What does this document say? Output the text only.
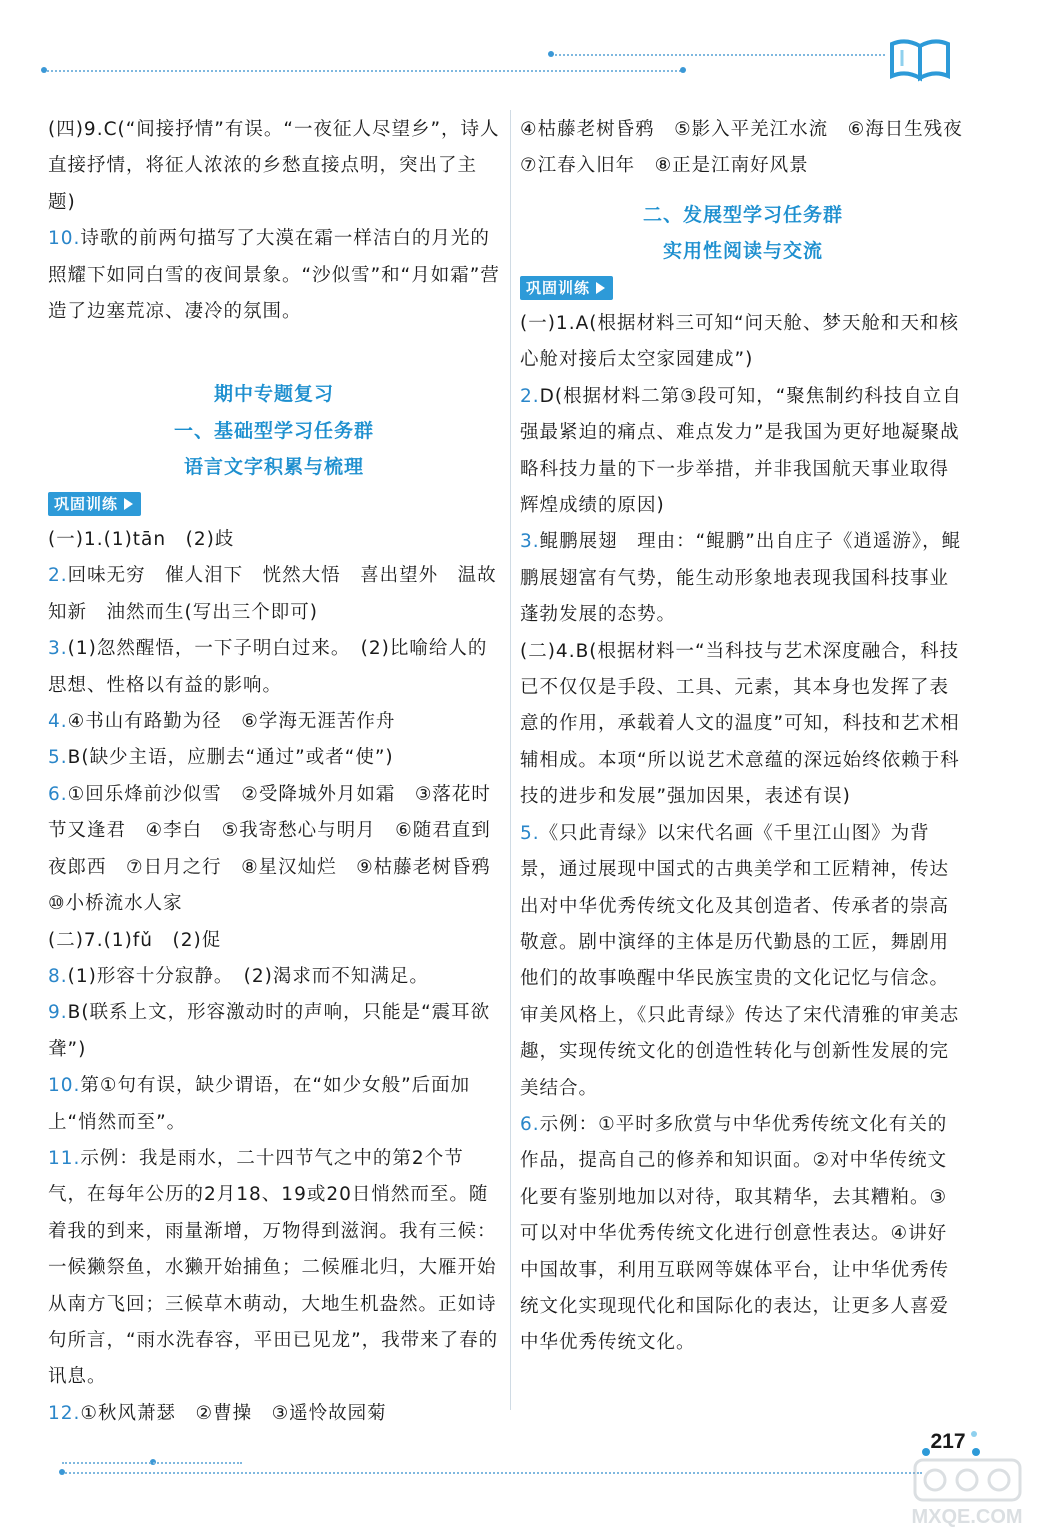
(四)9.C(“间接抒情”有误。“一夜征人尽望乡”，诗人直接抒情，将征人浓浓的乡愁直接点明，突出了主题)

10.诗歌的前两句描写了大漠在霜一样洁白的月光的照耀下如同白雪的夜间景象。“沙似雪”和“月如霜”营造了边塞荒凉、凄冷的氛围。

期中专题复习
一、基础型学习任务群
语言文字积累与梳理
巩固训练

(一)1.(1)tān　(2)歧

2.回味无穷　催人泪下　恍然大悟　喜出望外　温故知新　油然而生(写出三个即可)

3.(1)忽然醒悟，一下子明白过来。　(2)比喻给人的思想、性格以有益的影响。

4.④书山有路勤为径　⑥学海无涯苦作舟

5.B(缺少主语，应删去“通过”或者“使”)

6.①回乐烽前沙似雪　②受降城外月如霜　③落花时节又逢君　④李白　⑤我寄愁心与明月　⑥随君直到夜郎西　⑦日月之行　⑧星汉灿烂　⑨枯藤老树昏鸦　⑩小桥流水人家

(二)7.(1)fǔ　(2)促

8.(1)形容十分寂静。　(2)渴求而不知满足。

9.B(联系上文，形容激动时的声响，只能是“震耳欲聋”)

10.第①句有误，缺少谓语，在“如少女般”后面加上“悄然而至”。

11.示例：我是雨水，二十四节气之中的第2个节气，在每年公历的2月18、19或20日悄然而至。随着我的到来，雨量渐增，万物得到滋润。我有三候：一候獭祭鱼，水獭开始捕鱼；二候雁北归，大雁开始从南方飞回；三候草木萌动，大地生机盎然。正如诗句所言，“雨水洗春容，平田已见龙”，我带来了春的讯息。

12.①秋风萧瑟　②曹操　③遥怜故园菊

④枯藤老树昏鸦　⑤影入平羌江水流　⑥海日生残夜　⑦江春入旧年　⑧正是江南好风景

二、发展型学习任务群
实用性阅读与交流
巩固训练

(一)1.A(根据材料三可知“问天舱、梦天舱和天和核心舱对接后太空家园建成”)

2.D(根据材料二第③段可知，“聚焦制约科技自立自强最紧迫的痛点、难点发力”是我国为更好地凝聚战略科技力量的下一步举措，并非我国航天事业取得辉煌成绩的原因)

3.鲲鹏展翅　理由：“鲲鹏”出自庄子《逍遥游》，鲲鹏展翅富有气势，能生动形象地表现我国科技事业蓬勃发展的态势。

(二)4.B(根据材料一“当科技与艺术深度融合，科技已不仅仅是手段、工具、元素，其本身也发挥了表意的作用，承载着人文的温度”可知，科技和艺术相辅相成。本项“所以说艺术意蕴的深远始终依赖于科技的进步和发展”强加因果，表述有误)

5.《只此青绿》以宋代名画《千里江山图》为背景，通过展现中国式的古典美学和工匠精神，传达出对中华优秀传统文化及其创造者、传承者的崇高敬意。剧中演绎的主体是历代勤恳的工匠，舞剧用他们的故事唤醒中华民族宝贵的文化记忆与信念。审美风格上，《只此青绿》传达了宋代清雅的审美志趣，实现传统文化的创造性转化与创新性发展的完美结合。

6.示例：①平时多欣赏与中华优秀传统文化有关的作品，提高自己的修养和知识面。②对中华传统文化要有鉴别地加以对待，取其精华，去其糟粕。③可以对中华优秀传统文化进行创意性表达。④讲好中国故事，利用互联网等媒体平台，让中华优秀传统文化实现现代化和国际化的表达，让更多人喜爱中华优秀传统文化。

217
MXQE.COM
